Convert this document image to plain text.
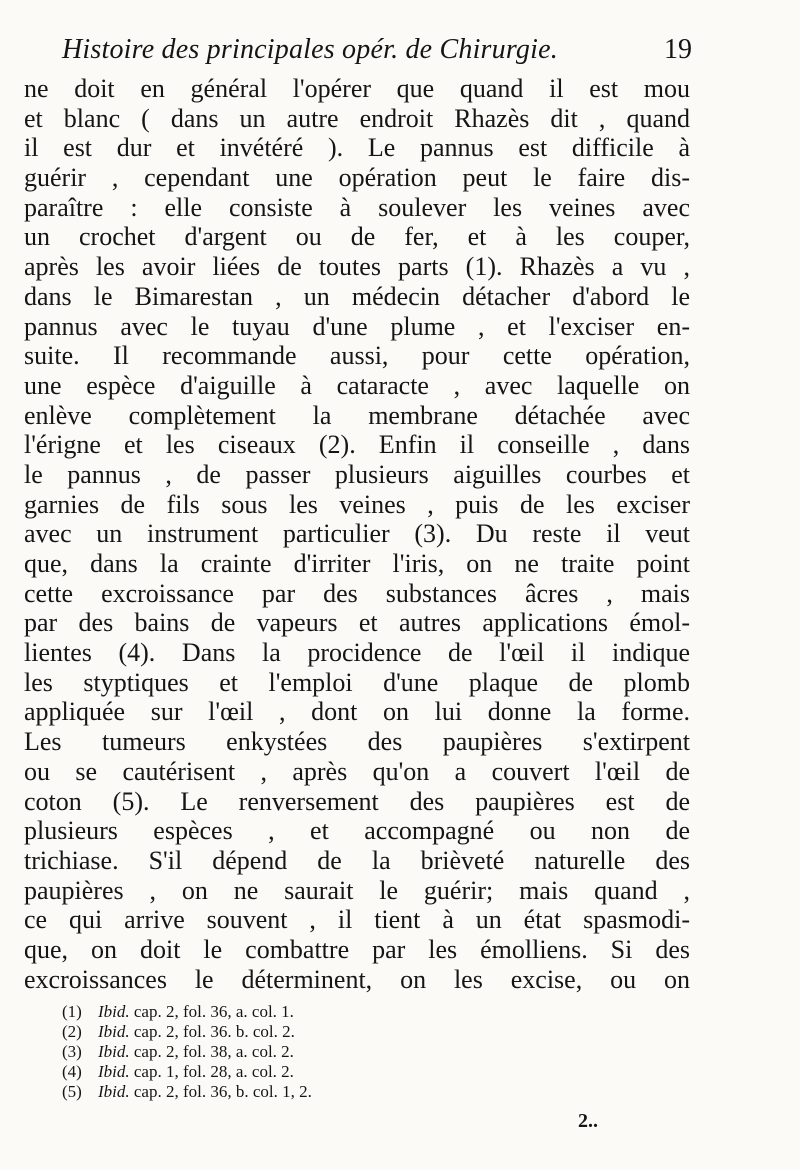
Histoire des principales opér. de Chirurgie.	19
ne doit en général l'opérer que quand il est mou
et blanc ( dans un autre endroit Rhazès dit , quand
il est dur et invétéré ). Le pannus est difficile à
guérir , cependant une opération peut le faire dis-
paraître : elle consiste à soulever les veines avec
un crochet d'argent ou de fer, et à les couper,
après les avoir liées de toutes parts (1). Rhazès a vu ,
dans le Bimarestan , un médecin détacher d'abord le
pannus avec le tuyau d'une plume , et l'exciser en-
suite. Il recommande aussi, pour cette opération,
une espèce d'aiguille à cataracte , avec laquelle on
enlève complètement la membrane détachée avec
l'érigne et les ciseaux (2). Enfin il conseille , dans
le pannus , de passer plusieurs aiguilles courbes et
garnies de fils sous les veines , puis de les exciser
avec un instrument particulier (3). Du reste il veut
que, dans la crainte d'irriter l'iris, on ne traite point
cette excroissance par des substances âcres , mais
par des bains de vapeurs et autres applications émol-
lientes (4). Dans la procidence de l'œil il indique
les styptiques et l'emploi d'une plaque de plomb
appliquée sur l'œil , dont on lui donne la forme.
Les tumeurs enkystées des paupières s'extirpent
ou se cautérisent , après qu'on a couvert l'œil de
coton (5). Le renversement des paupières est de
plusieurs espèces , et accompagné ou non de
trichiase. S'il dépend de la brièveté naturelle des
paupières , on ne saurait le guérir; mais quand ,
ce qui arrive souvent , il tient à un état spasmodi-
que, on doit le combattre par les émolliens. Si des
excroissances le déterminent, on les excise, ou on
(1) Ibid. cap. 2, fol. 36, a. col. 1.
(2) Ibid. cap. 2, fol. 36. b. col. 2.
(3) Ibid. cap. 2, fol. 38, a. col. 2.
(4) Ibid. cap. 1, fol. 28, a. col. 2.
(5) Ibid. cap. 2, fol. 36, b. col. 1, 2.
2..
